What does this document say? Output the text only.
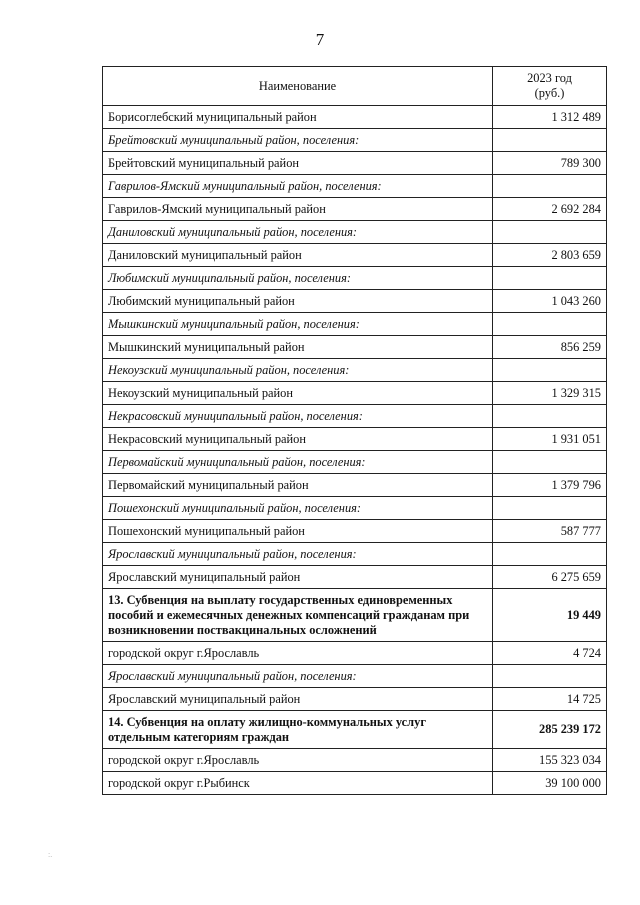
7
Наименование	2023 год
(руб.)

Борисоглебский муниципальный район	1 312 489
Брейтовский муниципальный район, поселения:	
Брейтовский муниципальный район	789 300
Гаврилов-Ямский муниципальный район, поселения:	
Гаврилов-Ямский муниципальный район	2 692 284
Даниловский муниципальный район, поселения:	
Даниловский муниципальный район	2 803 659
Любимский муниципальный район, поселения:	
Любимский муниципальный район	1 043 260
Мышкинский муниципальный район, поселения:	
Мышкинский муниципальный район	856 259
Некоузский муниципальный район, поселения:	
Некоузский муниципальный район	1 329 315
Некрасовский муниципальный район, поселения:	
Некрасовский муниципальный район	1 931 051
Первомайский муниципальный район, поселения:	
Первомайский муниципальный район	1 379 796
Пошехонский муниципальный район, поселения:	
Пошехонский муниципальный район	587 777
Ярославский муниципальный район, поселения:	
Ярославский муниципальный район	6 275 659
13. Субвенция на выплату государственных единовременных пособий и ежемесячных денежных компенсаций гражданам при возникновении поствакцинальных осложнений	19 449
городской округ г.Ярославль	4 724
Ярославский муниципальный район, поселения:	
Ярославский муниципальный район	14 725
14. Субвенция на оплату жилищно-коммунальных услуг отдельным категориям граждан	285 239 172
городской округ г.Ярославль	155 323 034
городской округ г.Рыбинск	39 100 000
:.
